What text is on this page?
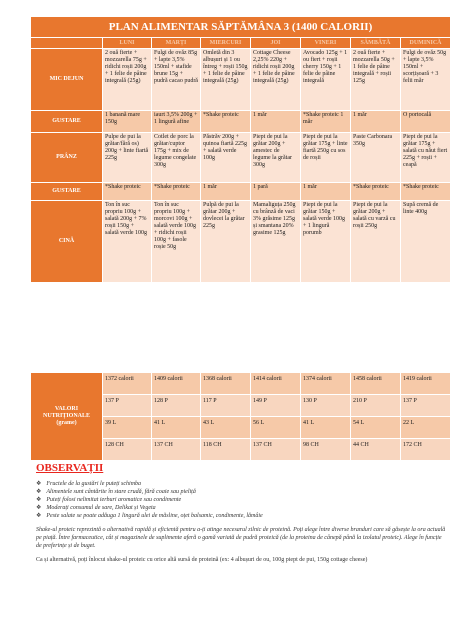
PLAN ALIMENTAR SĂPTĂMÂNA 3 (1400 CALORII)							
	LUNI	MARȚI	MIERCURI	JOI	VINERI	SÂMBĂTĂ	DUMINICĂ
MIC DEJUN	2 ouă fierte + mozzarella 75g + ridichi roșii 200g + 1 felie de pâine integrală (25g)	Fulgi de ovăz 85g + lapte 3,5% 150ml + stafide brune 15g + pudră cacao pudră	Omletă din 3 albușuri și 1 ou întreg + roșii 150g + 1 felie de pâine integrală (25g)	Cottage Cheese 2,25% 220g + ridichi roșii 200g + 1 felie de pâine integrală (25g)	Avocado 125g + 1 ou fiert + roșii cherry 150g + 1 felie de pâine integrală	2 ouă fierte + mozzarella 50g + 1 felie de pâine integrală + roșii 125g	Fulgi de ovăz 50g + lapte 3,5% 150ml + scorțișoară + 3 felii măr
GUSTARE	1 banană mare 150g	iaurt 3,5% 200g + 1 lingură afine	*Shake proteic	1 măr	*Shake proteic 1 măr	1 măr	O portocală
PRÂNZ	Pulpe de pui la grătar/fără os) 200g + linte fiartă 225g	Cotlet de porc la grătar/cuptor 175g + mix de legume congelate 300g	Păstrăv 200g + quinoa fiartă 225g + salată verde 100g	Piept de pui la grătar 200g + amestec de legume la grătar 300g	Piept de pui la grătar 175g + linte fiartă 250g cu sos de roșii	Paste Carbonara 350g	Piept de pui la grătar 175g + salată cu năut fiert 225g + roșii + ceapă
GUSTARE	*Shake proteic	*Shake proteic	1 măr	1 pară	1 măr	*Shake proteic	*Shake proteic
CINĂ	Ton în suc propriu 100g + salată 200g + 7% roșii 150g + salată verde 100g	Ton în suc propriu 100g + morcovi 100g + salată verde 100g + ridichi roșii 100g + fasole roșie 50g	Pulpă de pui la grătar 200g + dovlecei la grătar 225g	Mamaliguța 250g cu brânză de vaci 3% grăsime 125g și smantana 20% grasime 125g	Piept de pui la grătar 150g + salată verde 100g + 1 lingură porumb	Piept de pui la grătar 200g + salată cu varză cu roșii 250g	Supă cremă de linte 400g
VALORI NUTRIȚIONALE (grame)	1372 calorii	1409 calorii	1368 calorii	1414 calorii	1374 calorii	1458 calorii	1419 calorii
	137 P	128 P	117 P	149 P	130 P	210 P	137 P
	39 L	41 L	43 L	56 L	41 L	54 L	22 L
	128 CH	137 CH	118 CH	137 CH	98 CH	44 CH	172 CH
OBSERVAȚII
❖ Fructele de la gustări le puteți schimba
❖ Alimentele sunt cântărite în stare crudă, fără coaie sau pieliță
❖ Puteți folosi nelimitat ierburi aromatice sau condimente
❖ Moderați consumul de sare, Delikat și Vegeta
❖ Peste salate se poate adăuga 1 lingură ulei de măsline, oțet balsamic, condimente, lămâie

Shake-ul proteic reprezintă o alternativă rapidă și eficientă pentru a-ți atinge necesarul zilnic de proteină. Poți alege între diverse branduri care să găsește la ora actuală pe piață. Între farmaceutice, cât și magazinele de suplimente aferă o gamă variată de pudră proteică (de la proteina de cânepă până la izolatul proteic). Alege în funcție de preferințe și de buget.

Ca și alternativă, poți înlocui shake-ul proteic cu orice altă sursă de proteină (ex: 4 albușuri de ou, 100g piept de pui, 150g cottage cheese)
